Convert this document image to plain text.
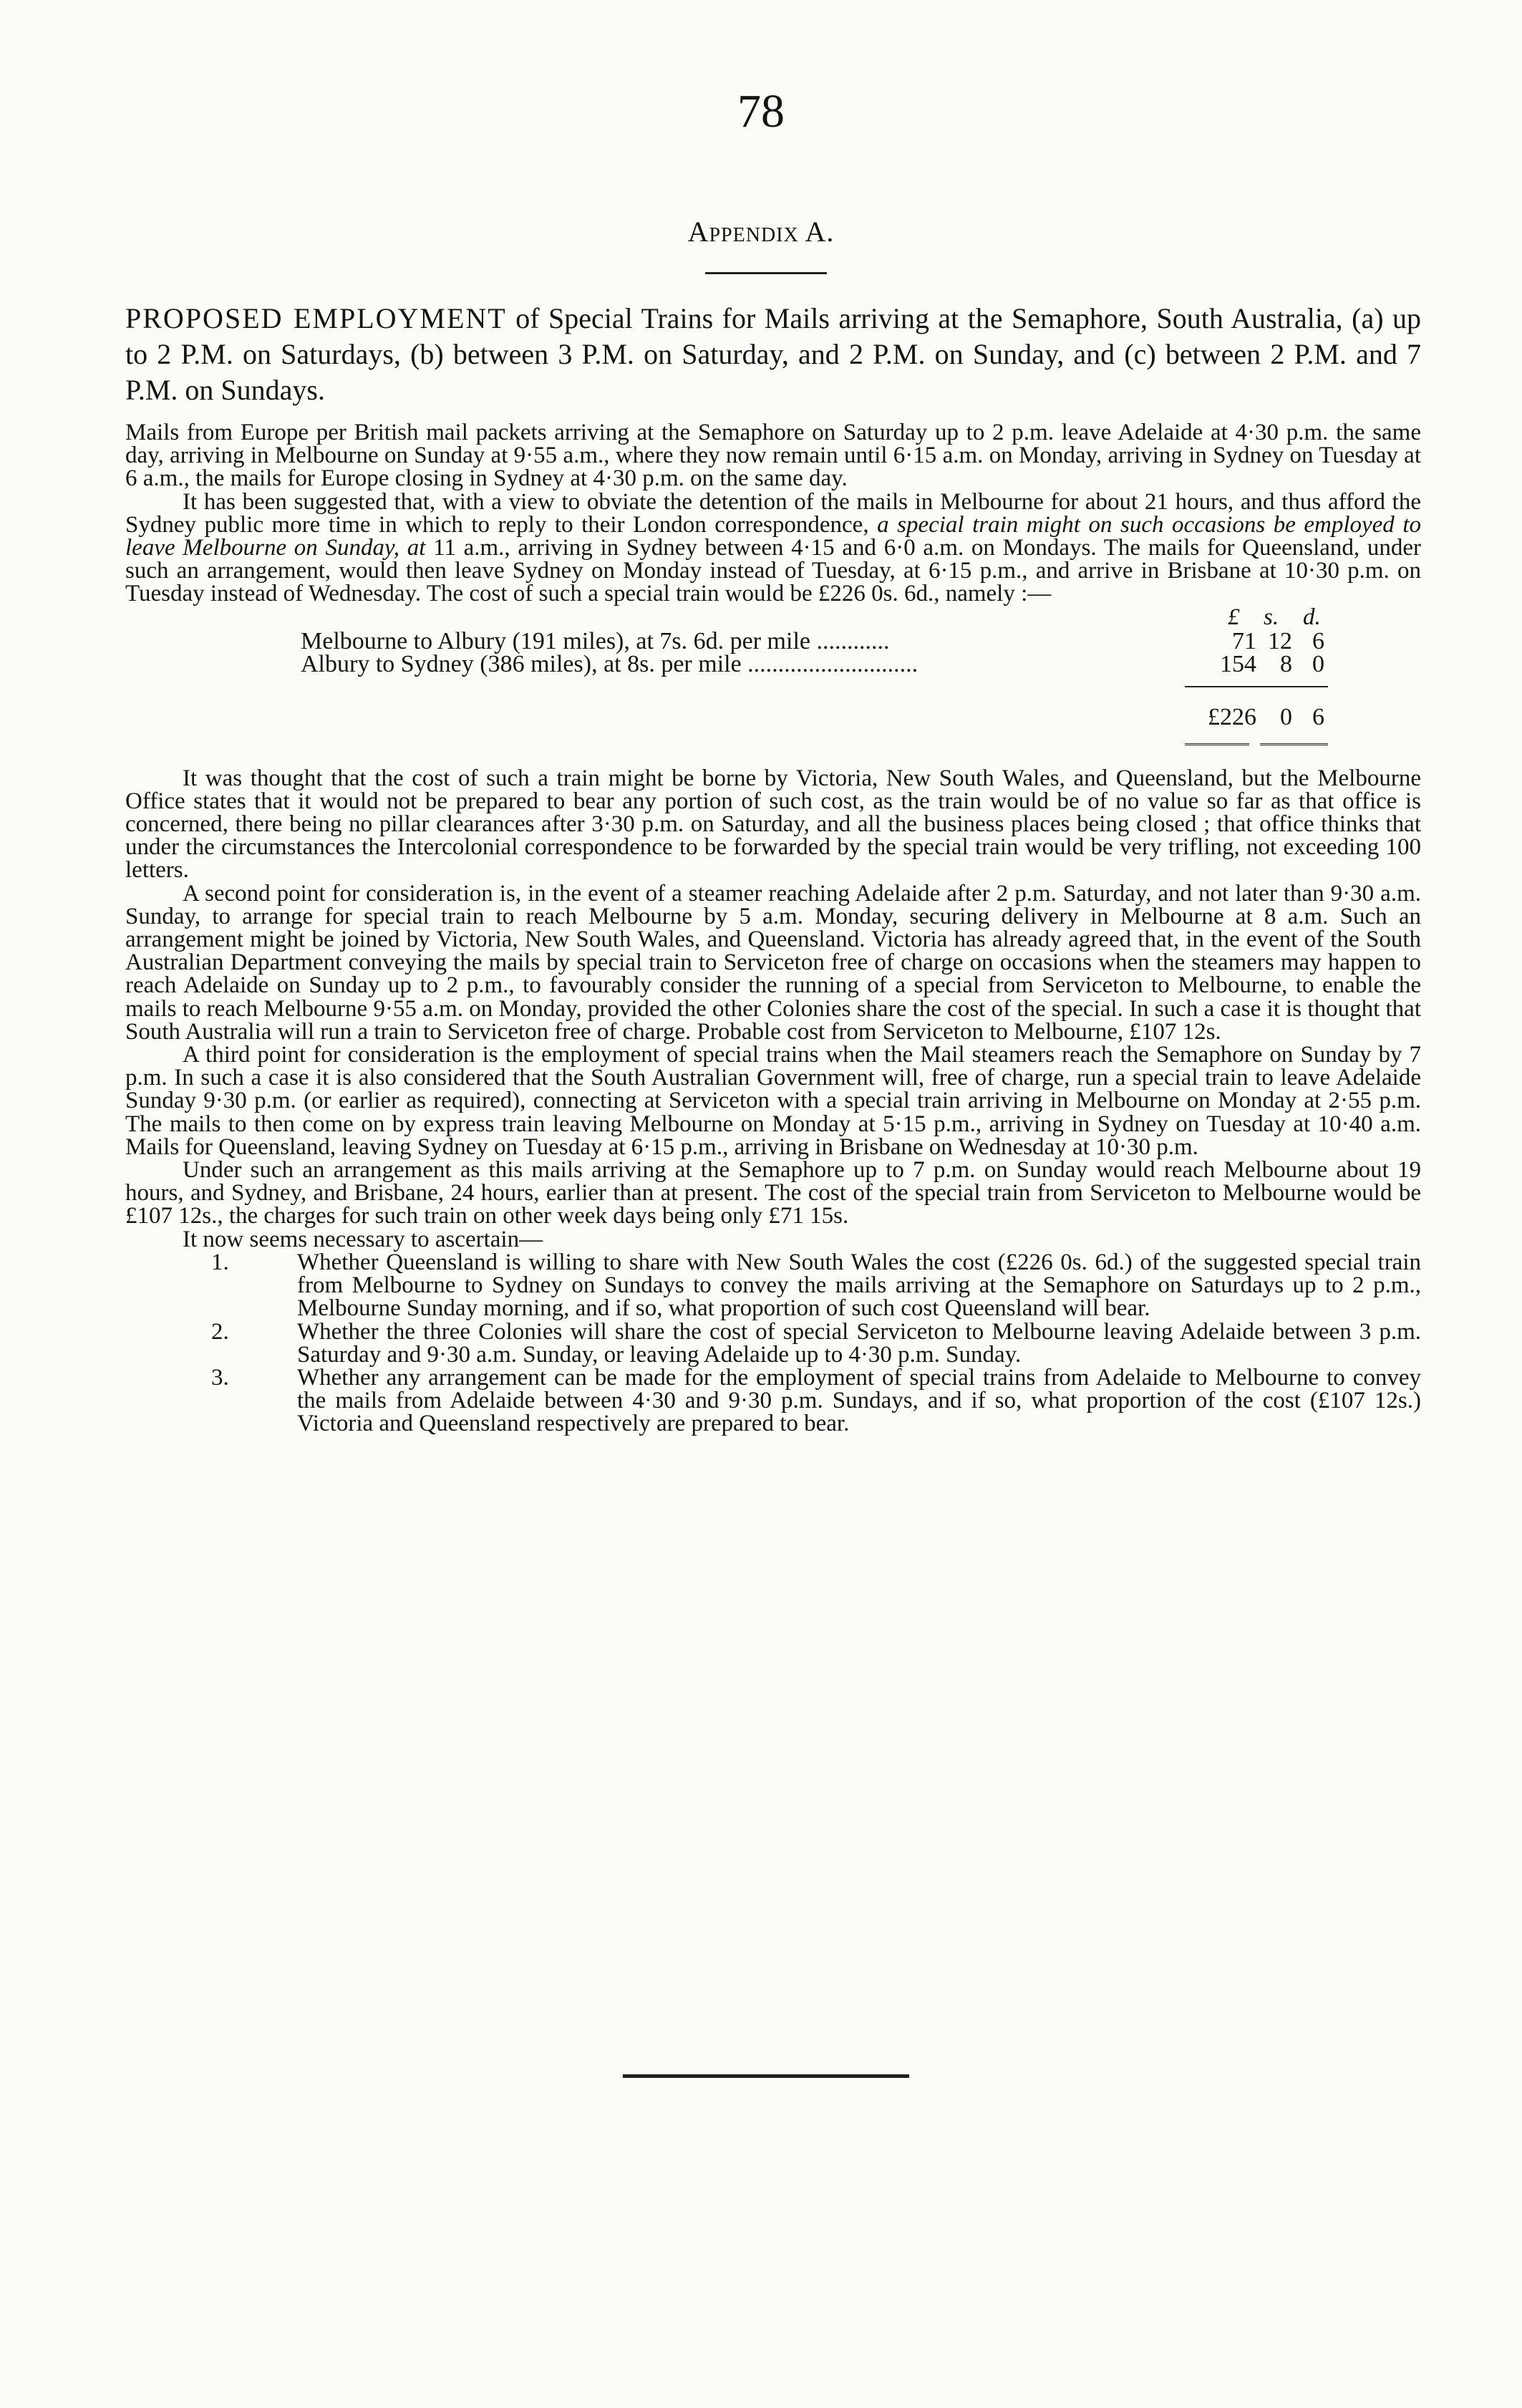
78
Appendix A.
PROPOSED EMPLOYMENT of Special Trains for Mails arriving at the Semaphore, South Australia, (a) up to 2 P.M. on Saturdays, (b) between 3 P.M. on Saturday, and 2 P.M. on Sunday, and (c) between 2 P.M. and 7 P.M. on Sundays.

Mails from Europe per British mail packets arriving at the Semaphore on Saturday up to 2 p.m. leave Adelaide at 4·30 p.m. the same day, arriving in Melbourne on Sunday at 9·55 a.m., where they now remain until 6·15 a.m. on Monday, arriving in Sydney on Tuesday at 6 a.m., the mails for Europe closing in Sydney at 4·30 p.m. on the same day.

It has been suggested that, with a view to obviate the detention of the mails in Melbourne for about 21 hours, and thus afford the Sydney public more time in which to reply to their London correspondence, a special train might on such occasions be employed to leave Melbourne on Sunday, at 11 a.m., arriving in Sydney between 4·15 and 6·0 a.m. on Mondays. The mails for Queensland, under such an arrangement, would then leave Sydney on Monday instead of Tuesday, at 6·15 p.m., and arrive in Brisbane at 10·30 p.m. on Tuesday instead of Wednesday. The cost of such a special train would be £226 0s. 6d., namely :—

£ s. d.
Melbourne to Albury (191 miles), at 7s. 6d. per mile ............	71 12 6
Albury to Sydney (386 miles), at 8s. per mile ............................	154 8 0
£226 0 6

It was thought that the cost of such a train might be borne by Victoria, New South Wales, and Queensland, but the Melbourne Office states that it would not be prepared to bear any portion of such cost, as the train would be of no value so far as that office is concerned, there being no pillar clearances after 3·30 p.m. on Saturday, and all the business places being closed ; that office thinks that under the circumstances the Intercolonial correspondence to be forwarded by the special train would be very trifling, not exceeding 100 letters.

A second point for consideration is, in the event of a steamer reaching Adelaide after 2 p.m. Saturday, and not later than 9·30 a.m. Sunday, to arrange for special train to reach Melbourne by 5 a.m. Monday, securing delivery in Melbourne at 8 a.m. Such an arrangement might be joined by Victoria, New South Wales, and Queensland. Victoria has already agreed that, in the event of the South Australian Department conveying the mails by special train to Serviceton free of charge on occasions when the steamers may happen to reach Adelaide on Sunday up to 2 p.m., to favourably consider the running of a special from Serviceton to Melbourne, to enable the mails to reach Melbourne 9·55 a.m. on Monday, provided the other Colonies share the cost of the special. In such a case it is thought that South Australia will run a train to Serviceton free of charge. Probable cost from Serviceton to Melbourne, £107 12s.

A third point for consideration is the employment of special trains when the Mail steamers reach the Semaphore on Sunday by 7 p.m. In such a case it is also considered that the South Australian Government will, free of charge, run a special train to leave Adelaide Sunday 9·30 p.m. (or earlier as required), connecting at Serviceton with a special train arriving in Melbourne on Monday at 2·55 p.m. The mails to then come on by express train leaving Melbourne on Monday at 5·15 p.m., arriving in Sydney on Tuesday at 10·40 a.m. Mails for Queensland, leaving Sydney on Tuesday at 6·15 p.m., arriving in Brisbane on Wednesday at 10·30 p.m.

Under such an arrangement as this mails arriving at the Semaphore up to 7 p.m. on Sunday would reach Melbourne about 19 hours, and Sydney, and Brisbane, 24 hours, earlier than at present. The cost of the special train from Serviceton to Melbourne would be £107 12s., the charges for such train on other week days being only £71 15s.

It now seems necessary to ascertain—

1.	Whether Queensland is willing to share with New South Wales the cost (£226 0s. 6d.) of the suggested special train from Melbourne to Sydney on Sundays to convey the mails arriving at the Semaphore on Saturdays up to 2 p.m., Melbourne Sunday morning, and if so, what proportion of such cost Queensland will bear.
2.	Whether the three Colonies will share the cost of special Serviceton to Melbourne leaving Adelaide between 3 p.m. Saturday and 9·30 a.m. Sunday, or leaving Adelaide up to 4·30 p.m. Sunday.
3.	Whether any arrangement can be made for the employment of special trains from Adelaide to Melbourne to convey the mails from Adelaide between 4·30 and 9·30 p.m. Sundays, and if so, what proportion of the cost (£107 12s.) Victoria and Queensland respectively are prepared to bear.
